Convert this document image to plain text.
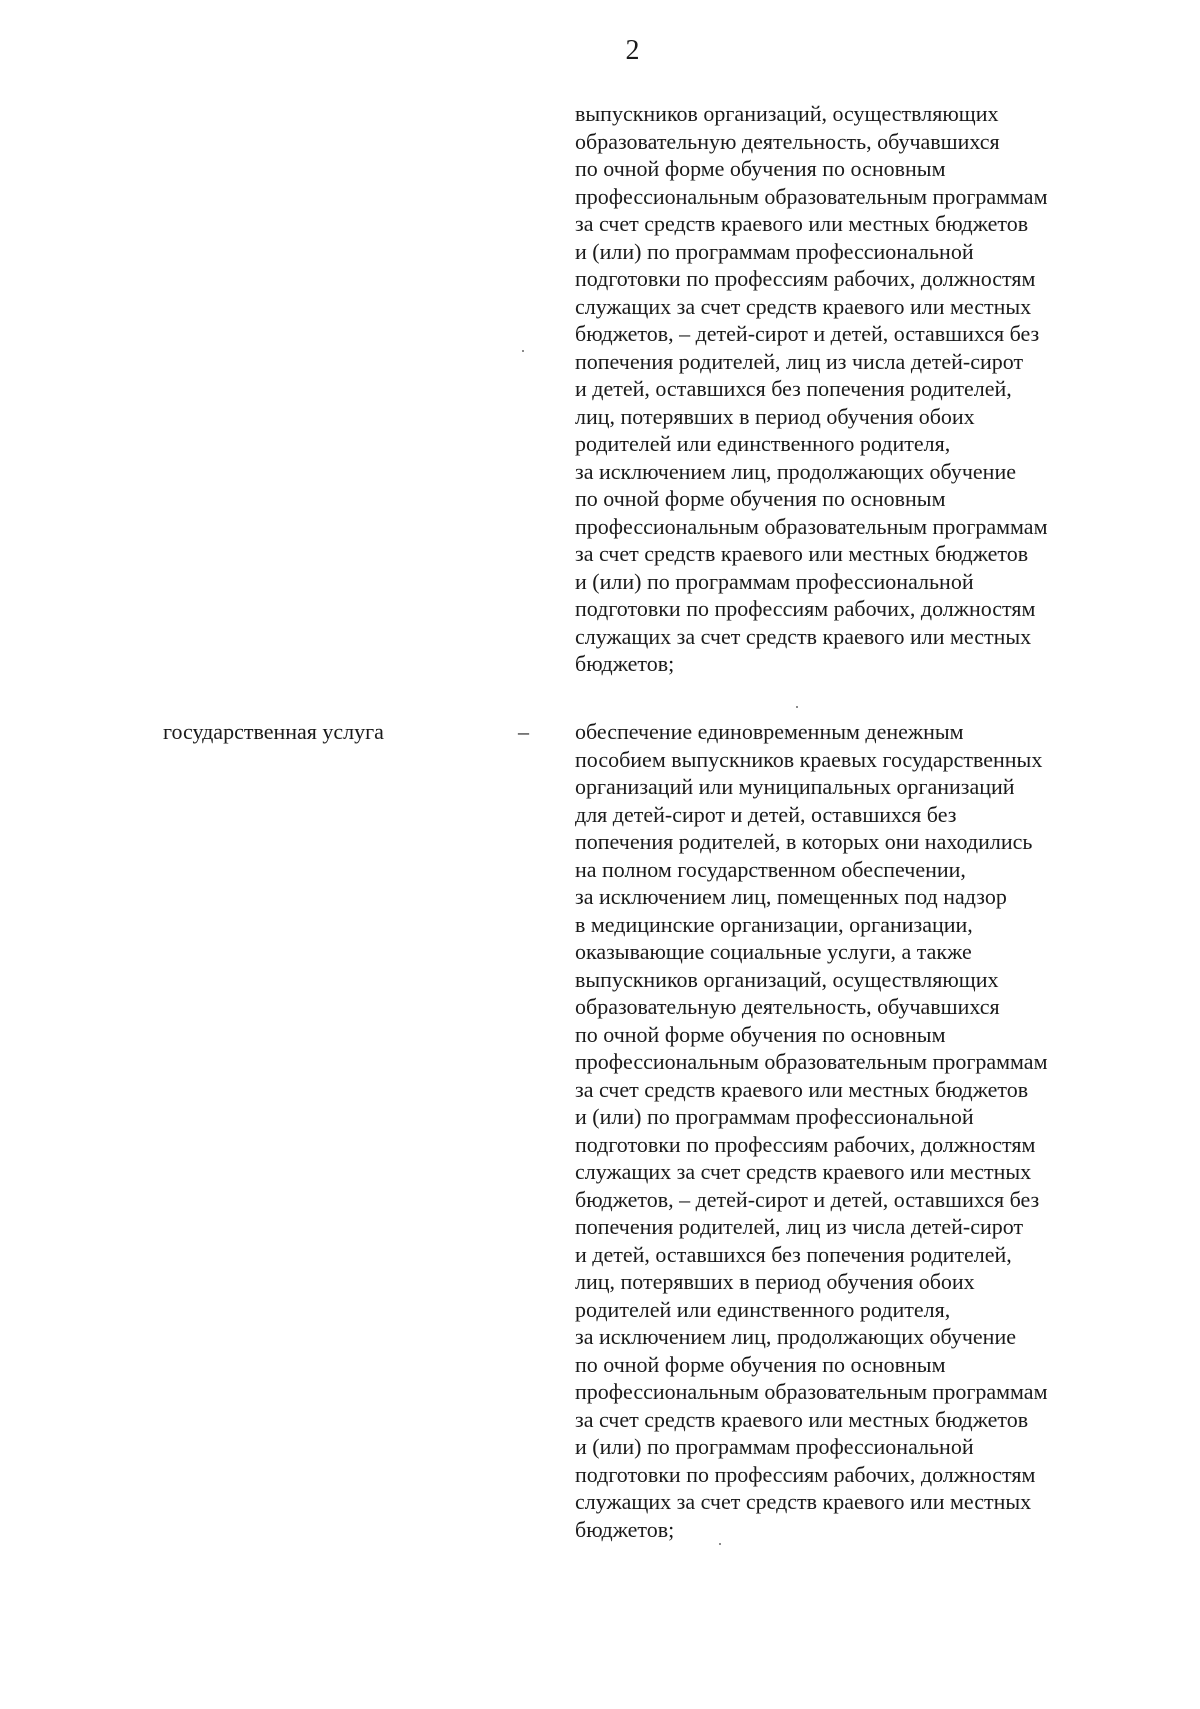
2
выпускников организаций, осуществляющих
образовательную деятельность, обучавшихся
по очной форме обучения по основным
профессиональным образовательным программам
за счет средств краевого или местных бюджетов
и (или) по программам профессиональной
подготовки по профессиям рабочих, должностям
служащих за счет средств краевого или местных
бюджетов, – детей-сирот и детей, оставшихся без
попечения родителей, лиц из числа детей-сирот
и детей, оставшихся без попечения родителей,
лиц, потерявших в период обучения обоих
родителей или единственного родителя,
за исключением лиц, продолжающих обучение
по очной форме обучения по основным
профессиональным образовательным программам
за счет средств краевого или местных бюджетов
и (или) по программам профессиональной
подготовки по профессиям рабочих, должностям
служащих за счет средств краевого или местных
бюджетов;
государственная услуга	– обеспечение единовременным денежным
пособием выпускников краевых государственных
организаций или муниципальных организаций
для детей-сирот и детей, оставшихся без
попечения родителей, в которых они находились
на полном государственном обеспечении,
за исключением лиц, помещенных под надзор
в медицинские организации, организации,
оказывающие социальные услуги, а также
выпускников организаций, осуществляющих
образовательную деятельность, обучавшихся
по очной форме обучения по основным
профессиональным образовательным программам
за счет средств краевого или местных бюджетов
и (или) по программам профессиональной
подготовки по профессиям рабочих, должностям
служащих за счет средств краевого или местных
бюджетов, – детей-сирот и детей, оставшихся без
попечения родителей, лиц из числа детей-сирот
и детей, оставшихся без попечения родителей,
лиц, потерявших в период обучения обоих
родителей или единственного родителя,
за исключением лиц, продолжающих обучение
по очной форме обучения по основным
профессиональным образовательным программам
за счет средств краевого или местных бюджетов
и (или) по программам профессиональной
подготовки по профессиям рабочих, должностям
служащих за счет средств краевого или местных
бюджетов;
